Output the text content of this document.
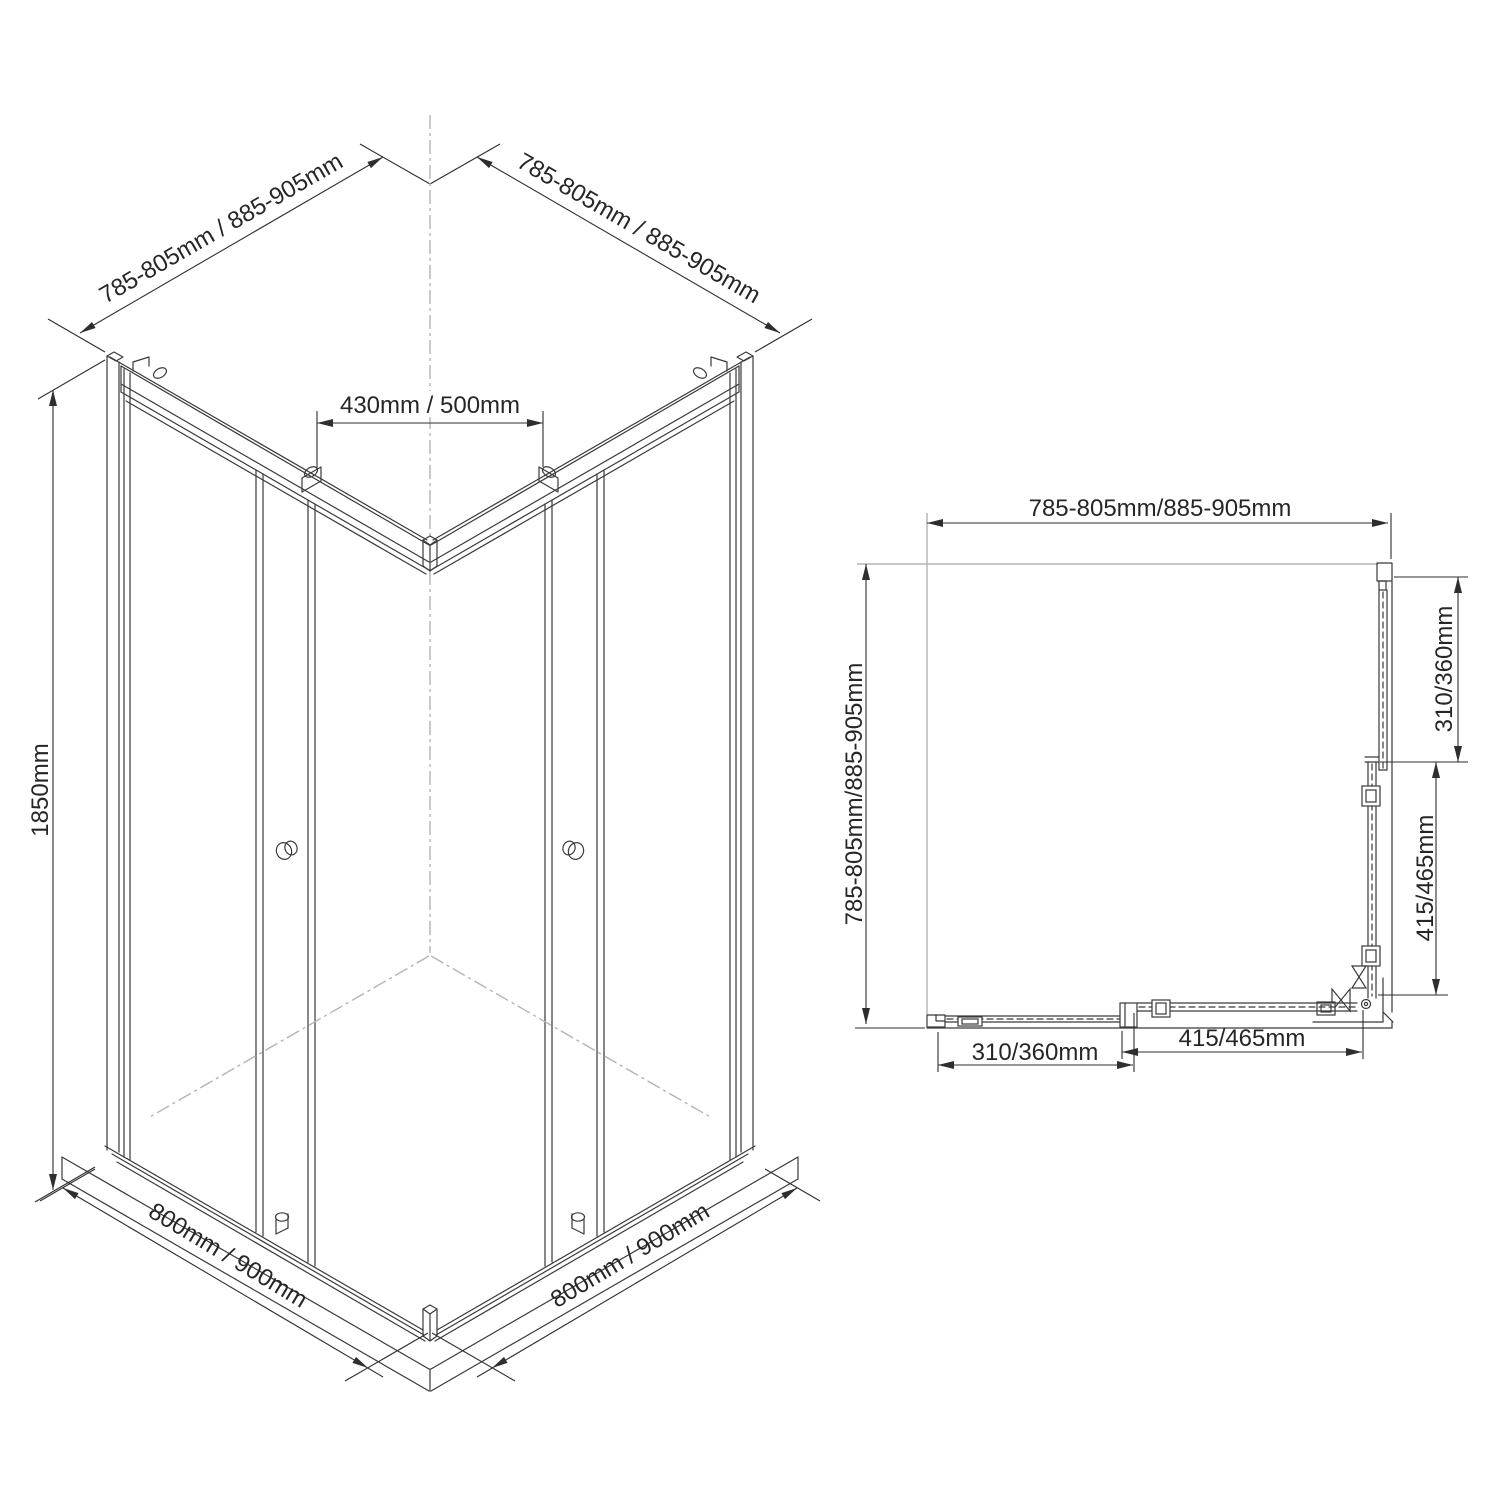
785-805mm / 885-905mm	785-805mm / 885-905mm
430mm / 500mm
1850mm
800mm / 900mm	800mm / 900mm
785-805mm/885-905mm
785-805mm/885-905mm	310/360mm
415/465mm
310/360mm
415/465mm
